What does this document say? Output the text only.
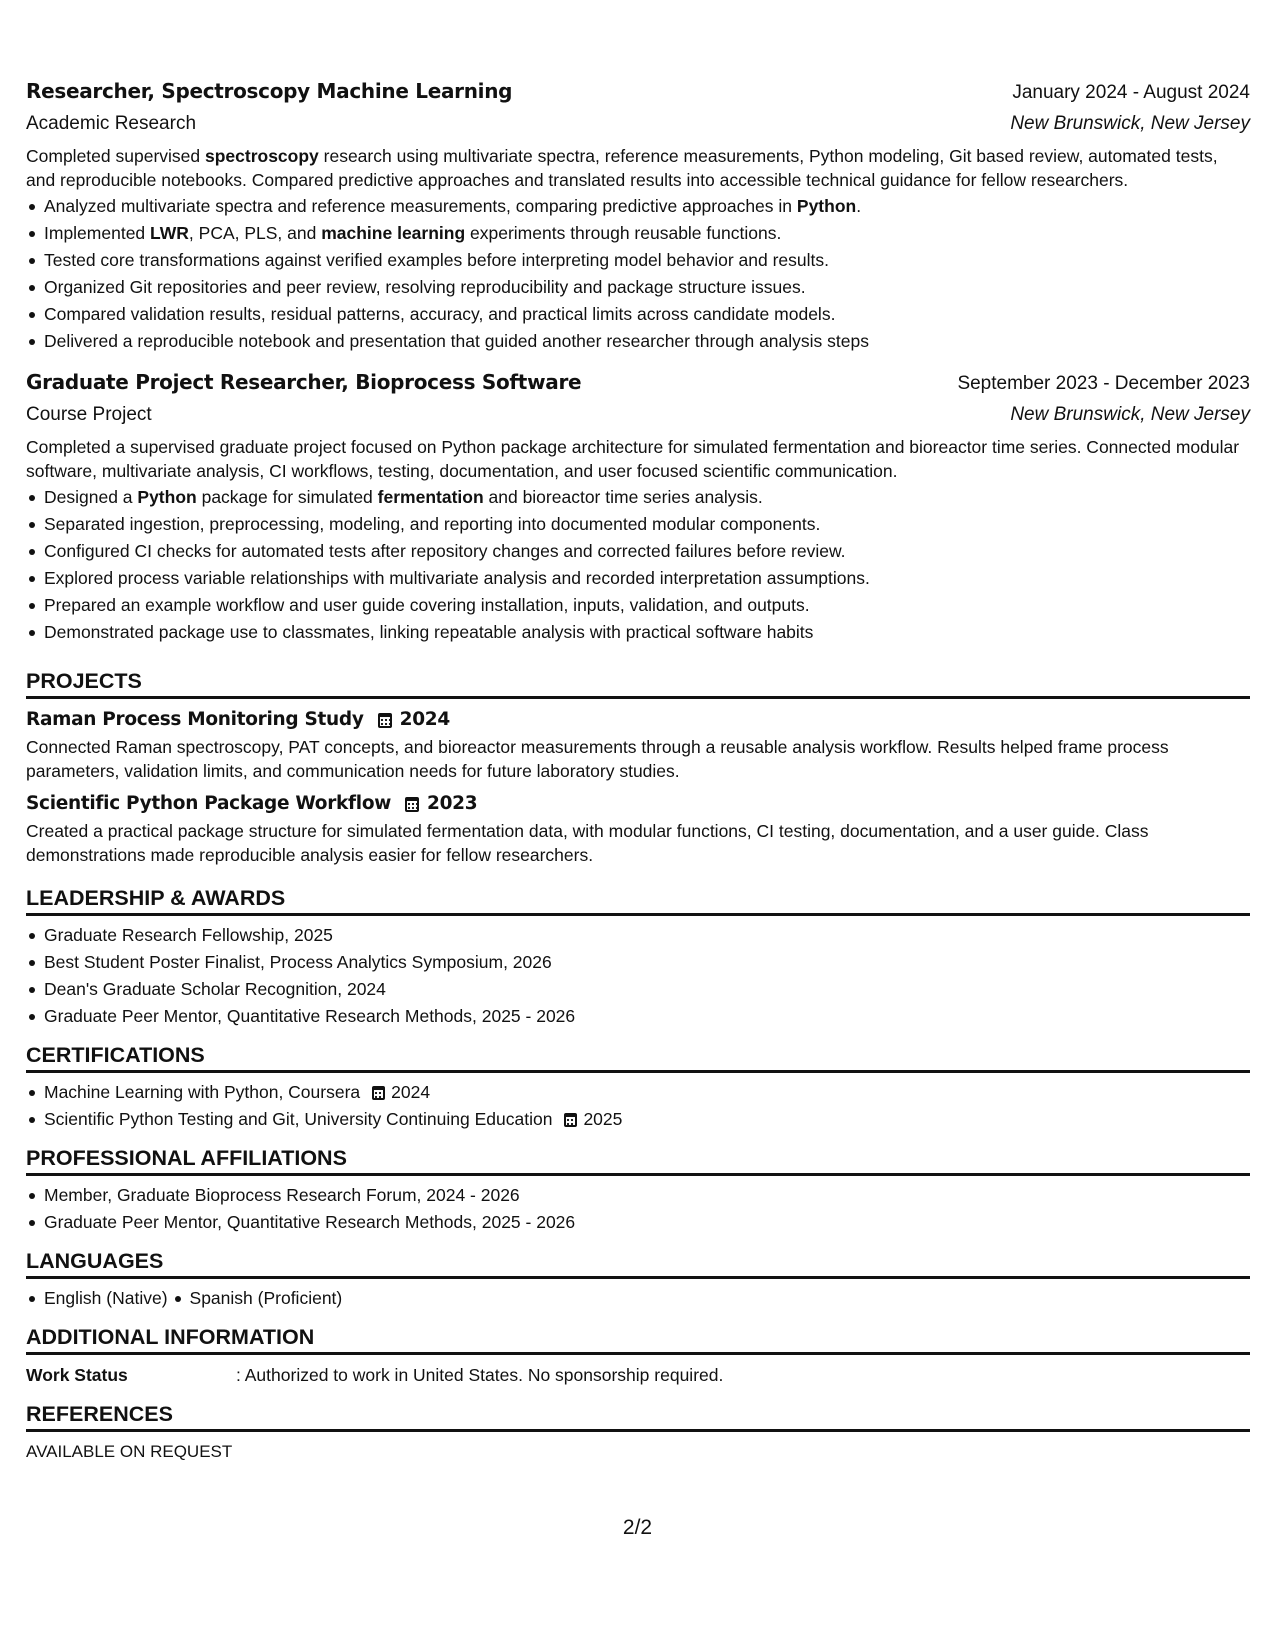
Researcher, Spectroscopy Machine Learning	January 2024 - August 2024
Academic Research	New Brunswick, New Jersey
Completed supervised spectroscopy research using multivariate spectra, reference measurements, Python modeling, Git based review, automated tests, and reproducible notebooks. Compared predictive approaches and translated results into accessible technical guidance for fellow researchers.
Analyzed multivariate spectra and reference measurements, comparing predictive approaches in Python.
Implemented LWR, PCA, PLS, and machine learning experiments through reusable functions.
Tested core transformations against verified examples before interpreting model behavior and results.
Organized Git repositories and peer review, resolving reproducibility and package structure issues.
Compared validation results, residual patterns, accuracy, and practical limits across candidate models.
Delivered a reproducible notebook and presentation that guided another researcher through analysis steps
Graduate Project Researcher, Bioprocess Software	September 2023 - December 2023
Course Project	New Brunswick, New Jersey
Completed a supervised graduate project focused on Python package architecture for simulated fermentation and bioreactor time series. Connected modular software, multivariate analysis, CI workflows, testing, documentation, and user focused scientific communication.
Designed a Python package for simulated fermentation and bioreactor time series analysis.
Separated ingestion, preprocessing, modeling, and reporting into documented modular components.
Configured CI checks for automated tests after repository changes and corrected failures before review.
Explored process variable relationships with multivariate analysis and recorded interpretation assumptions.
Prepared an example workflow and user guide covering installation, inputs, validation, and outputs.
Demonstrated package use to classmates, linking repeatable analysis with practical software habits
PROJECTS
Raman Process Monitoring Study 2024
Connected Raman spectroscopy, PAT concepts, and bioreactor measurements through a reusable analysis workflow. Results helped frame process parameters, validation limits, and communication needs for future laboratory studies.
Scientific Python Package Workflow 2023
Created a practical package structure for simulated fermentation data, with modular functions, CI testing, documentation, and a user guide. Class demonstrations made reproducible analysis easier for fellow researchers.
LEADERSHIP & AWARDS
Graduate Research Fellowship, 2025
Best Student Poster Finalist, Process Analytics Symposium, 2026
Dean's Graduate Scholar Recognition, 2024
Graduate Peer Mentor, Quantitative Research Methods, 2025 - 2026
CERTIFICATIONS
Machine Learning with Python, Coursera 2024
Scientific Python Testing and Git, University Continuing Education 2025
PROFESSIONAL AFFILIATIONS
Member, Graduate Bioprocess Research Forum, 2024 - 2026
Graduate Peer Mentor, Quantitative Research Methods, 2025 - 2026
LANGUAGES
English (Native) Spanish (Proficient)
ADDITIONAL INFORMATION
Work Status	: Authorized to work in United States. No sponsorship required.
REFERENCES
AVAILABLE ON REQUEST
2/2
